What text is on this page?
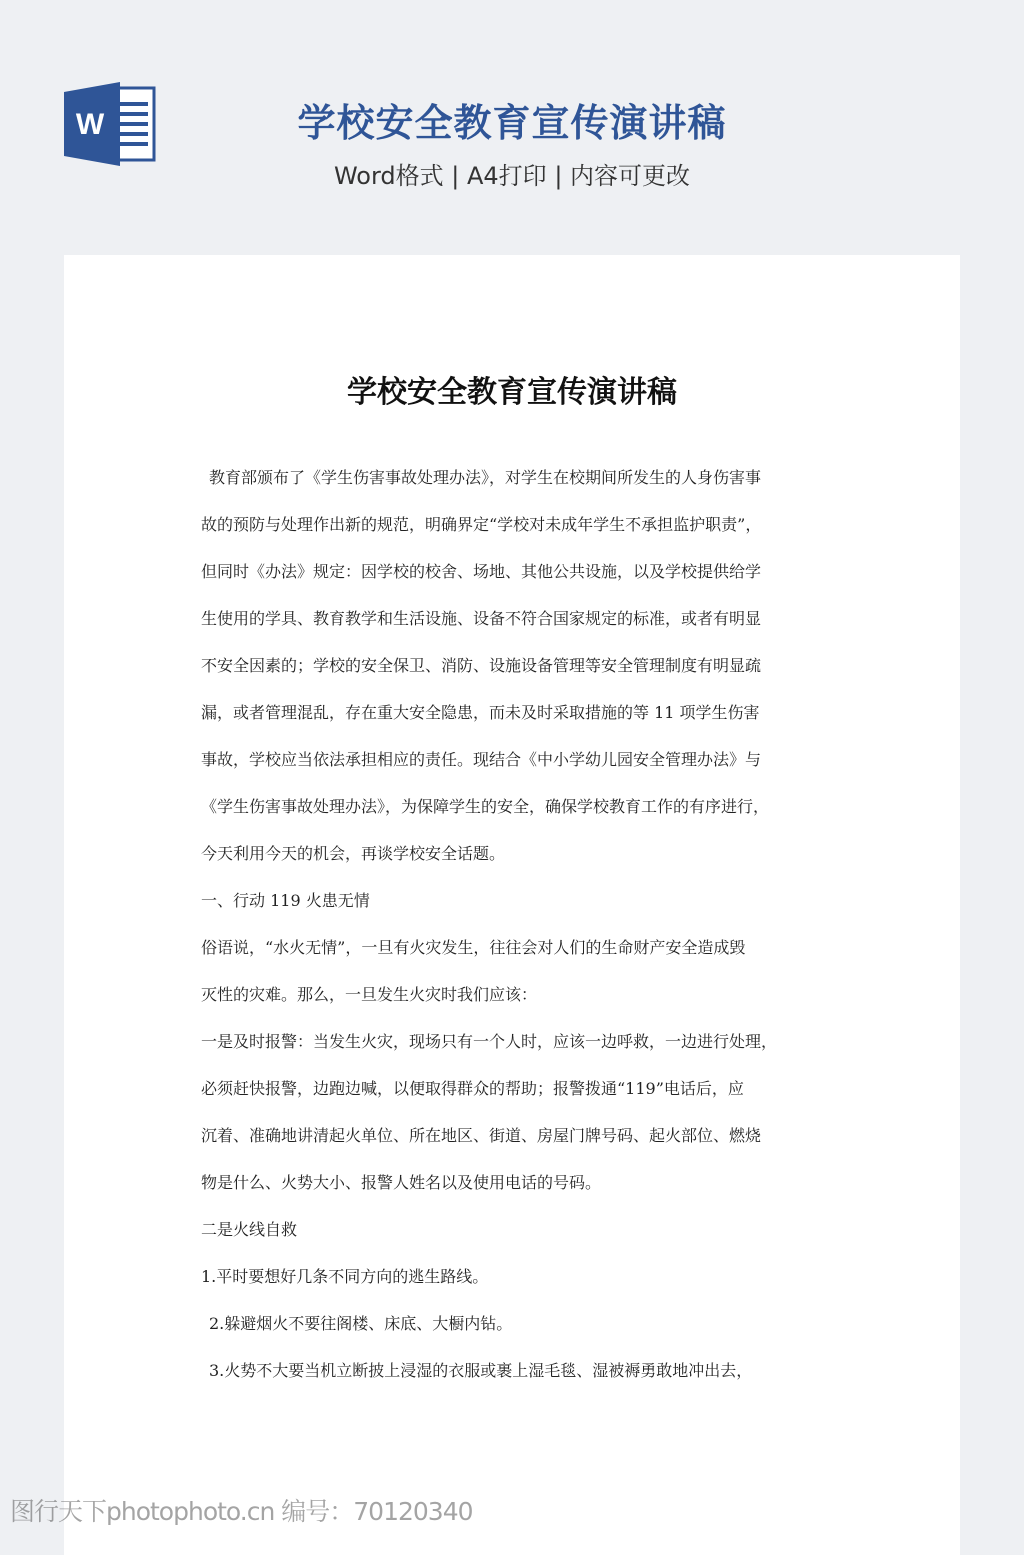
W	学校安全教育宣传演讲稿
Word格式 | A4打印 | 内容可更改
学校安全教育宣传演讲稿

教育部颁布了《学生伤害事故处理办法》，对学生在校期间所发生的人身伤害事

故的预防与处理作出新的规范，明确界定“学校对未成年学生不承担监护职责”，

但同时《办法》规定：因学校的校舍、场地、其他公共设施，以及学校提供给学

生使用的学具、教育教学和生活设施、设备不符合国家规定的标准，或者有明显

不安全因素的；学校的安全保卫、消防、设施设备管理等安全管理制度有明显疏

漏，或者管理混乱，存在重大安全隐患，而未及时采取措施的等 11 项学生伤害

事故，学校应当依法承担相应的责任。现结合《中小学幼儿园安全管理办法》与

《学生伤害事故处理办法》，为保障学生的安全，确保学校教育工作的有序进行，

今天利用今天的机会，再谈学校安全话题。

一、行动 119 火患无情

俗语说，“水火无情”，一旦有火灾发生，往往会对人们的生命财产安全造成毁

灭性的灾难。那么，一旦发生火灾时我们应该：

一是及时报警：当发生火灾，现场只有一个人时，应该一边呼救，一边进行处理，

必须赶快报警，边跑边喊，以便取得群众的帮助；报警拨通“119”电话后，应

沉着、准确地讲清起火单位、所在地区、街道、房屋门牌号码、起火部位、燃烧

物是什么、火势大小、报警人姓名以及使用电话的号码。

二是火线自救

1.平时要想好几条不同方向的逃生路线。

2.躲避烟火不要往阁楼、床底、大橱内钻。

3.火势不大要当机立断披上浸湿的衣服或裹上湿毛毯、湿被褥勇敢地冲出去，

图行天下photophoto.cn 编号：70120340
